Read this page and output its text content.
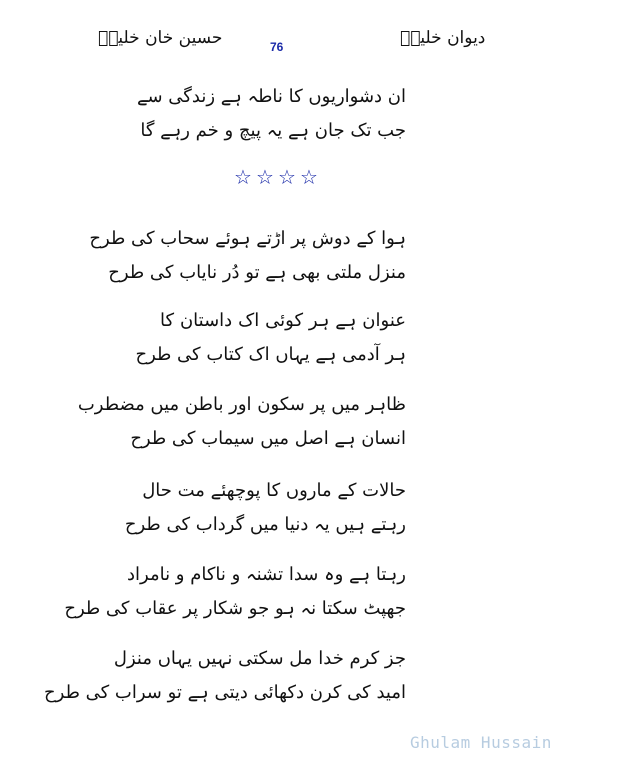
حسین خان خلیلؔ	76	دیوان خلیلؔ
ان دشواریوں کا ناطہ ہے زندگی سے
جب تک جان ہے یہ پیچ و خم رہے گا
☆ ☆ ☆ ☆
ہوا کے دوش پر اڑتے ہوئے سحاب کی طرح
منزل ملتی بھی ہے تو دُر نایاب کی طرح
عنوان ہے ہر کوئی اک داستان کا
ہر آدمی ہے یہاں اک کتاب کی طرح
ظاہر میں پر سکون اور باطن میں مضطرب
انسان ہے اصل میں سیماب کی طرح
حالات کے ماروں کا پوچھئے مت حال
رہتے ہیں یہ دنیا میں گرداب کی طرح
رہتا ہے وہ سدا تشنہ و ناکام و نامراد
جھپٹ سکتا نہ ہو جو شکار پر عقاب کی طرح
جز کرم خدا مل سکتی نہیں یہاں منزل
امید کی کرن دکھائی دیتی ہے تو سراب کی طرح
Ghulam Hussain
